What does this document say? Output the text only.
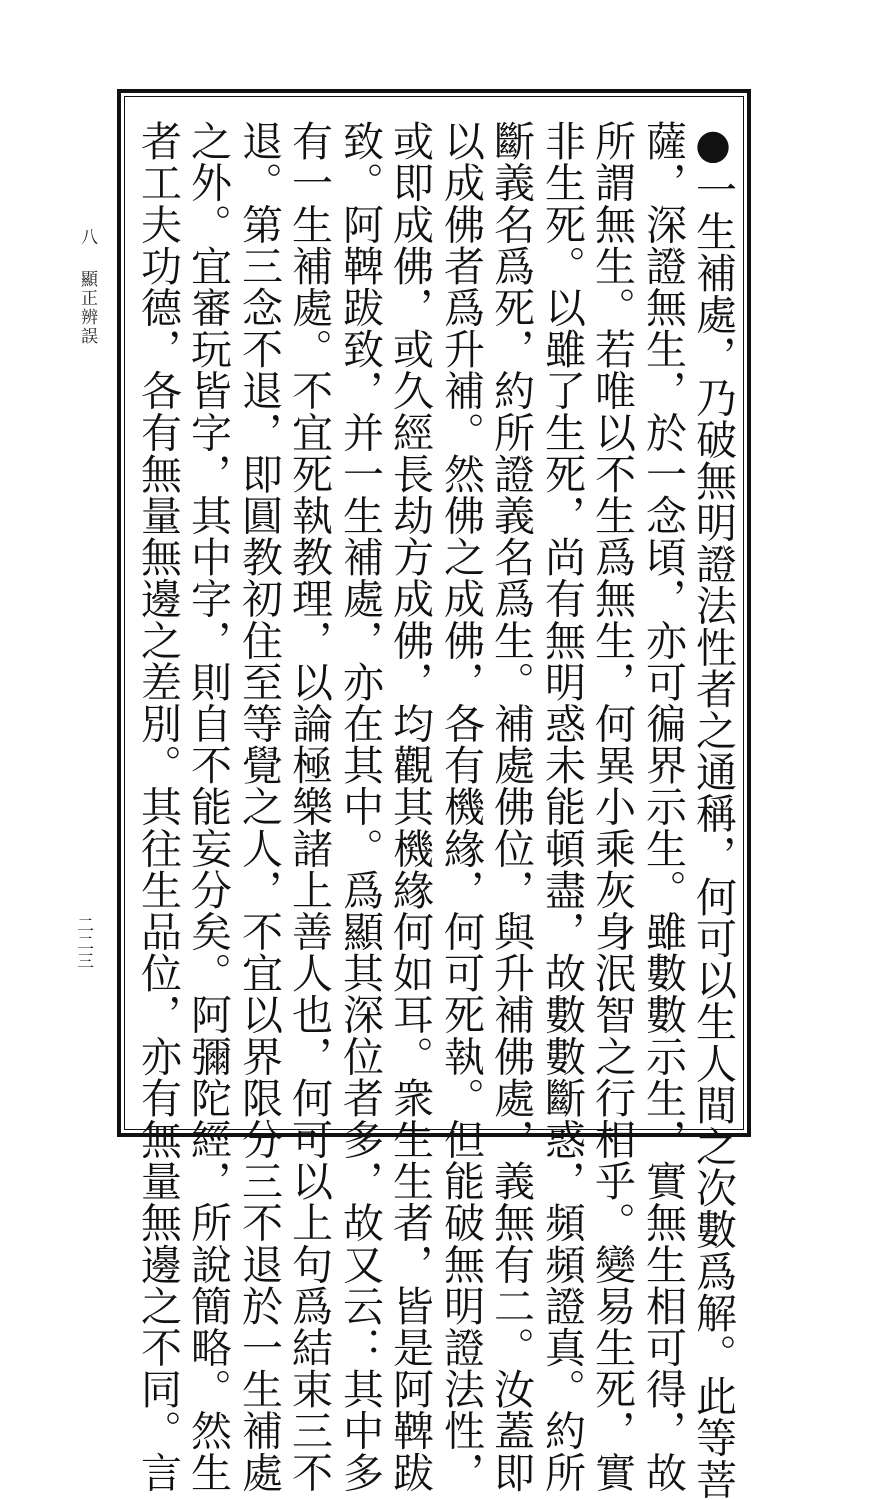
八
顯正辨誤
二二三	●一生補處，乃破無明證法性者之通稱，何可以生人間之次數爲解。此等菩
薩，深證無生，於一念頃，亦可徧界示生。雖數數示生，實無生相可得，故
所謂無生。若唯以不生爲無生，何異小乘灰身泯智之行相乎。變易生死，實
非生死。以雖了生死，尚有無明惑未能頓盡，故數數斷惑，頻頻證真。約所
斷義名爲死，約所證義名爲生。補處佛位，與升補佛處，義無有二。汝蓋即
以成佛者爲升補。然佛之成佛，各有機緣，何可死執。但能破無明證法性，
或即成佛，或久經長劫方成佛，均觀其機緣何如耳。衆生生者，皆是阿鞞跋
致。阿鞞跋致，并一生補處，亦在其中。爲顯其深位者多，故又云：其中多
有一生補處。不宜死執教理，以論極樂諸上善人也，何可以上句爲結束三不
退。第三念不退，即圓教初住至等覺之人，不宜以界限分三不退於一生補處
之外。宜審玩皆字，其中字，則自不能妄分矣。阿彌陀經，所說簡略。然生
者工夫功德，各有無量無邊之差別。其往生品位，亦有無量無邊之不同。言
